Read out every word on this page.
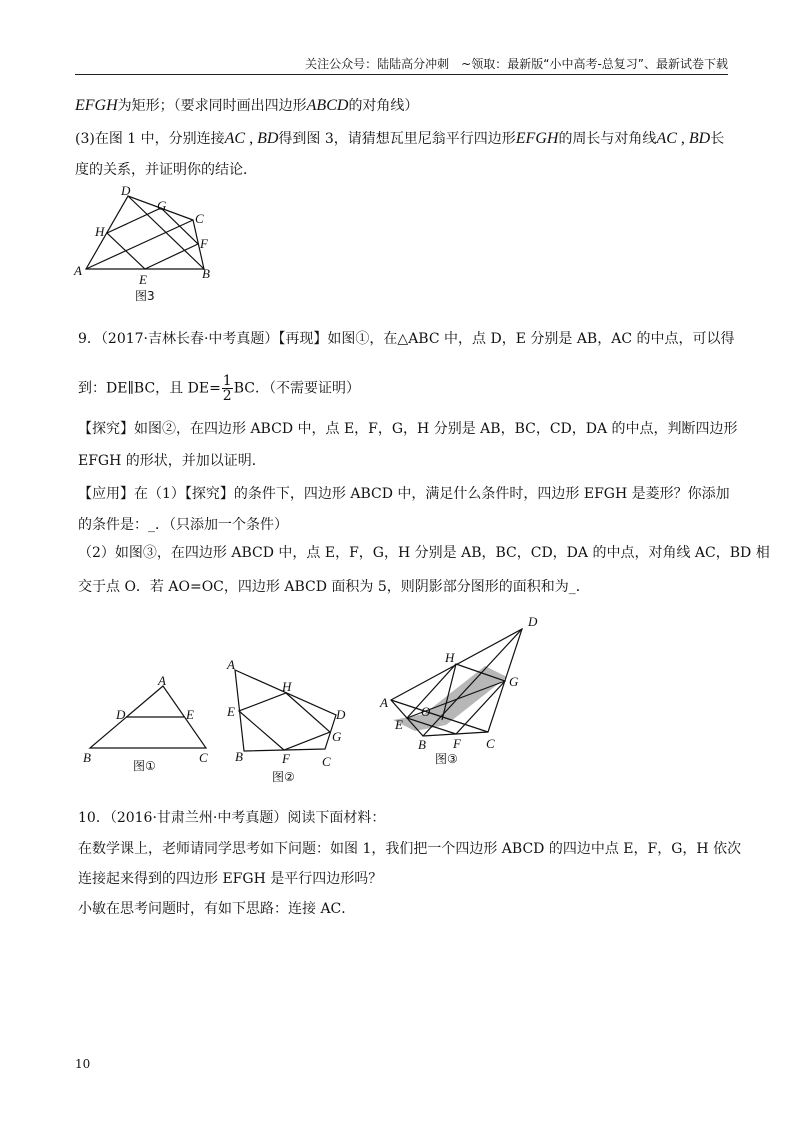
关注公众号：陆陆高分冲刺　~领取：最新版“小中高考-总复习”、最新试卷下载
EFGH为矩形；（要求同时画出四边形ABCD的对角线）
(3)在图 1 中，分别连接AC , BD得到图 3，请猜想瓦里尼翁平行四边形EFGH的周长与对角线AC , BD长
度的关系，并证明你的结论．
D
G
C
H
F
A
E	B
图3
9．（2017·吉林长春·中考真题）【再现】如图①，在△ABC 中，点 D，E 分别是 AB，AC 的中点，可以得
到：DE∥BC，且 $DE= \frac{1}{2}$ BC．（不需要证明）
【探究】如图②，在四边形 ABCD 中，点 E，F，G，H 分别是 AB，BC，CD，DA 的中点，判断四边形
EFGH 的形状，并加以证明．
【应用】在（1）【探究】的条件下，四边形 ABCD 中，满足什么条件时，四边形 EFGH 是菱形？你添加
的条件是：_．（只添加一个条件）
（2）如图③，在四边形 ABCD 中，点 E，F，G，H 分别是 AB，BC，CD，DA 的中点，对角线 AC，BD 相
交于点 O．若 AO=OC，四边形 ABCD 面积为 5，则阴影部分图形的面积和为_．
A
D	E
B	C
图①
A
H
E	D
G
B	F C
图②
D
H
G
A
O
E
B F C
图③
10．（2016·甘肃兰州·中考真题）阅读下面材料：
在数学课上，老师请同学思考如下问题：如图 1，我们把一个四边形 ABCD 的四边中点 E，F，G，H 依次
连接起来得到的四边形 EFGH 是平行四边形吗？
小敏在思考问题时，有如下思路：连接 AC．
10
